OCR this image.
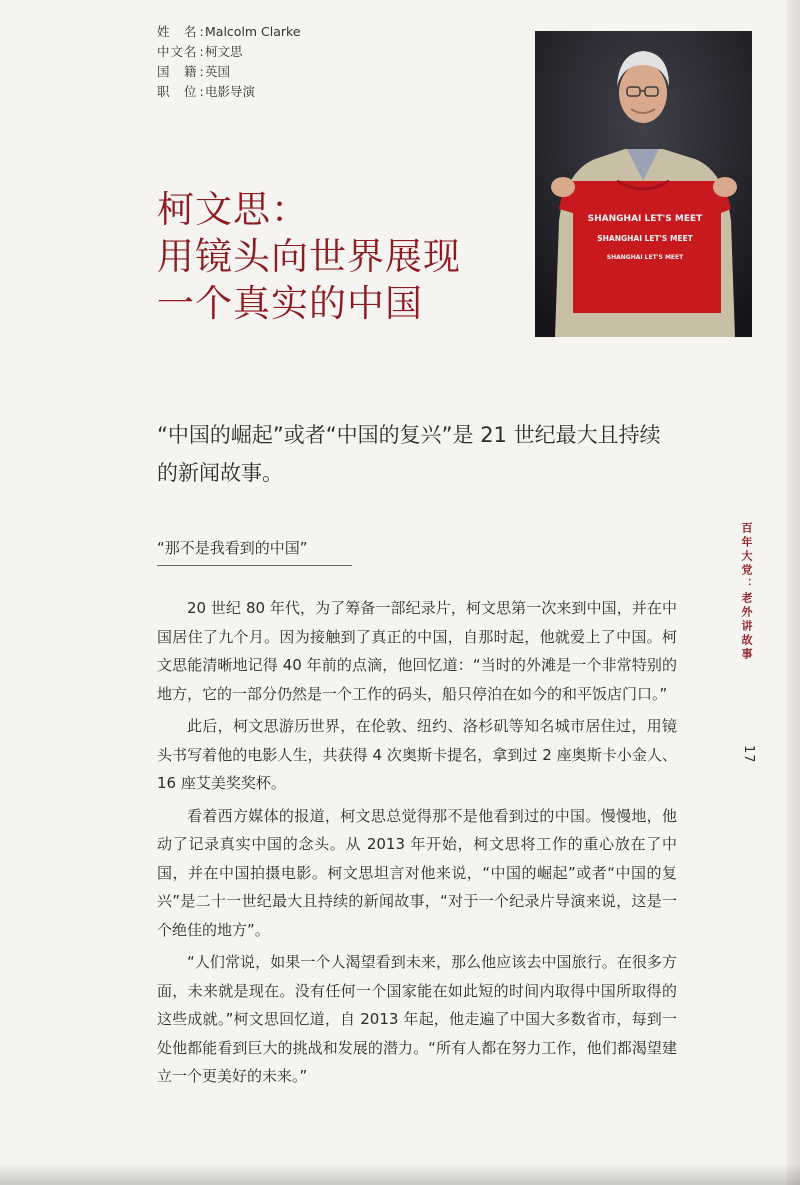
姓　名 : Malcolm Clarke
中文名 : 柯文思
国　籍 : 英国
职　位 : 电影导演
柯文思：
用镜头向世界展现
一个真实的中国
SHANGHAI LET'S MEET
SHANGHAI LET'S MEET
SHANGHAI LET'S MEET

“中国的崛起”或者“中国的复兴”是 21 世纪最大且持续的新闻故事。

“那不是我看到的中国”

20 世纪 80 年代，为了筹备一部纪录片，柯文思第一次来到中国，并在中国居住了九个月。因为接触到了真正的中国，自那时起，他就爱上了中国。柯文思能清晰地记得 40 年前的点滴，他回忆道：“当时的外滩是一个非常特别的地方，它的一部分仍然是一个工作的码头，船只停泊在如今的和平饭店门口。”

此后，柯文思游历世界，在伦敦、纽约、洛杉矶等知名城市居住过，用镜头书写着他的电影人生，共获得 4 次奥斯卡提名，拿到过 2 座奥斯卡小金人、16 座艾美奖奖杯。

看着西方媒体的报道，柯文思总觉得那不是他看到过的中国。慢慢地，他动了记录真实中国的念头。从 2013 年开始，柯文思将工作的重心放在了中国，并在中国拍摄电影。柯文思坦言对他来说，“中国的崛起”或者“中国的复兴”是二十一世纪最大且持续的新闻故事，“对于一个纪录片导演来说，这是一个绝佳的地方”。

“人们常说，如果一个人渴望看到未来，那么他应该去中国旅行。在很多方面，未来就是现在。没有任何一个国家能在如此短的时间内取得中国所取得的这些成就。”柯文思回忆道，自 2013 年起，他走遍了中国大多数省市，每到一处他都能看到巨大的挑战和发展的潜力。“所有人都在努力工作，他们都渴望建立一个更美好的未来。”

百年大党：老外讲故事
17
